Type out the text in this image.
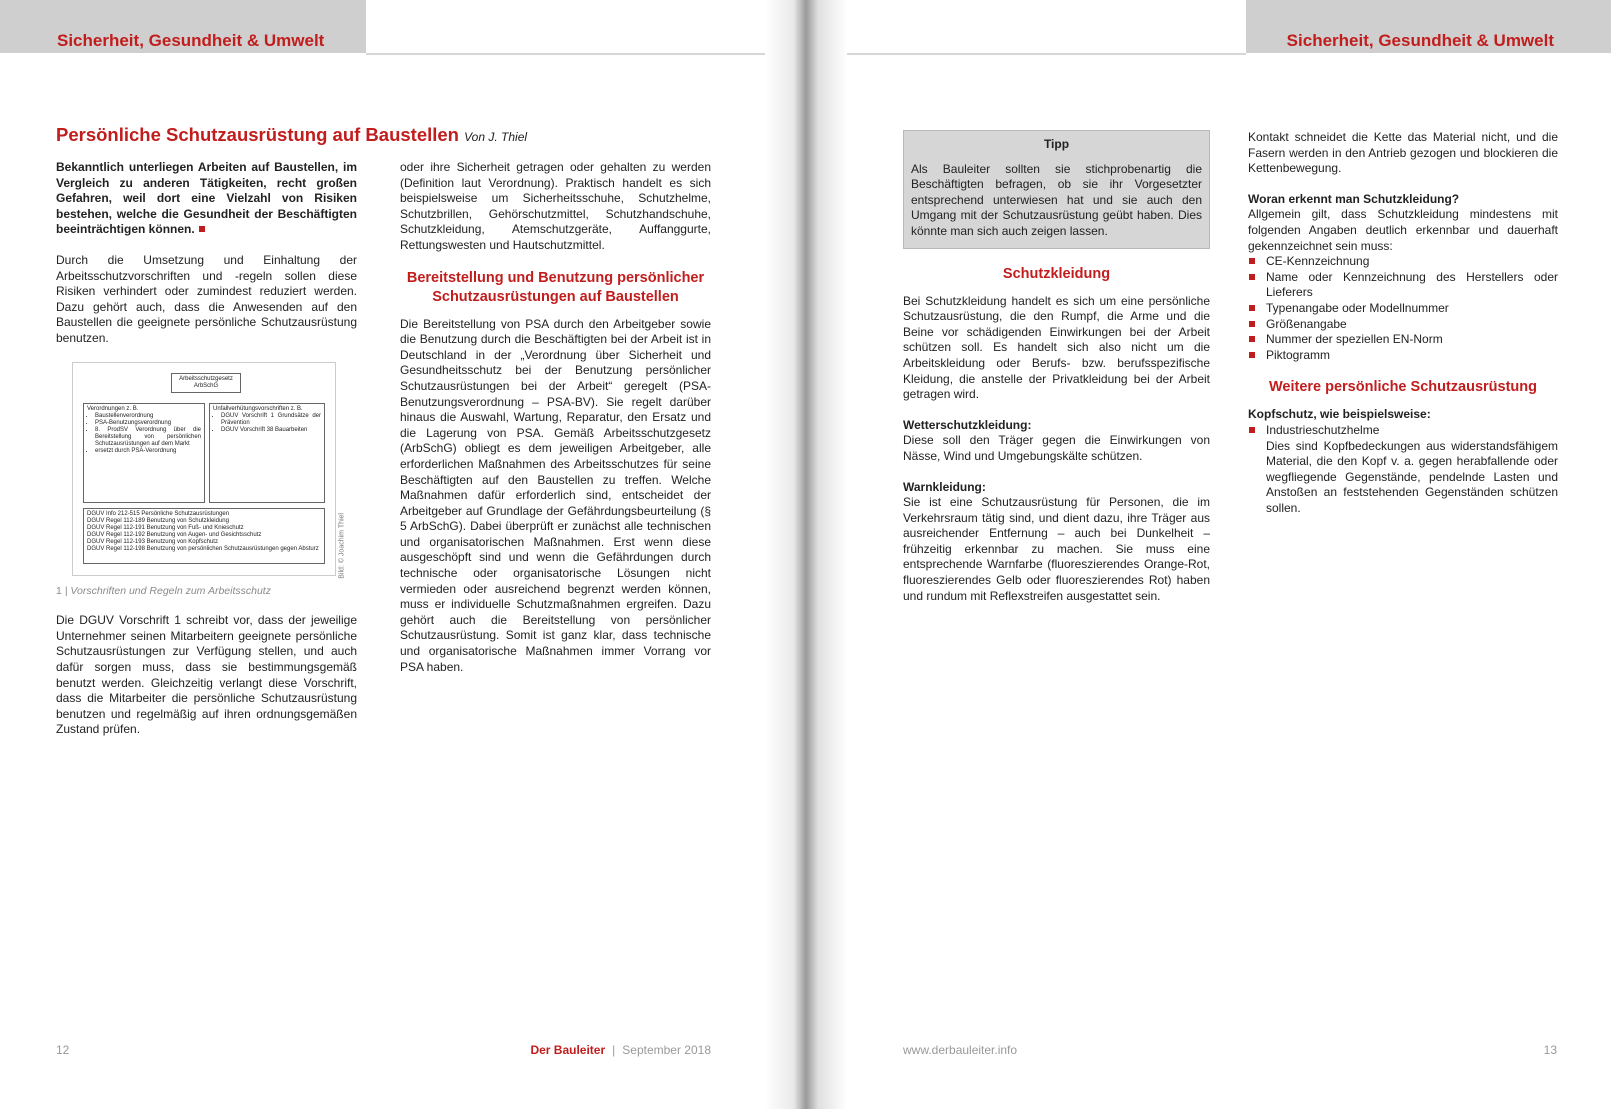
Sicherheit, Gesundheit & Umwelt
Persönliche Schutzausrüstung auf Baustellen Von J. Thiel

Bekanntlich unterliegen Arbeiten auf Baustellen, im Vergleich zu anderen Tätigkeiten, recht großen Gefahren, weil dort eine Vielzahl von Risiken bestehen, welche die Gesundheit der Beschäftigten beeinträchtigen können.

Durch die Umsetzung und Einhaltung der Arbeitsschutzvorschriften und -regeln sollen diese Risiken verhindert oder zumindest reduziert werden. Dazu gehört auch, dass die Anwesenden auf den Baustellen die geeignete persönliche Schutzausrüstung benutzen.

Arbeitsschutzgesetz ArbSchG
Verordnungen z. B.
• Baustellenverordnung
• PSA-Benutzungsverordnung
• 8. ProdSV Verordnung über die Bereitstellung von persönlichen Schutzausrüstungen auf dem Markt
• ersetzt durch PSA-Verordnung
Unfallverhütungsvorschriften z. B.
• DGUV Vorschrift 1 Grundsätze der Prävention
• DGUV Vorschrift 38 Bauarbeiten
DGUV Info 212-515 Persönliche Schutzausrüstungen
DGUV Regel 112-189 Benutzung von Schutzkleidung
DGUV Regel 112-191 Benutzung von Fuß- und Knieschutz
DGUV Regel 112-192 Benutzung von Augen- und Gesichtsschutz
DGUV Regel 112-193 Benutzung von Kopfschutz
DGUV Regel 112-198 Benutzung von persönlichen Schutzausrüstungen gegen Absturz	Bild: © Joachim Thiel
1 | Vorschriften und Regeln zum Arbeitsschutz

Die DGUV Vorschrift 1 schreibt vor, dass der jeweilige Unternehmer seinen Mitarbeitern geeignete persönliche Schutzausrüstungen zur Verfügung stellen, und auch dafür sorgen muss, dass sie bestimmungsgemäß benutzt werden. Gleichzeitig verlangt diese Vorschrift, dass die Mitarbeiter die persönliche Schutzausrüstung benutzen und regelmäßig auf ihren ordnungsgemäßen Zustand prüfen.

oder ihre Sicherheit getragen oder gehalten zu werden (Definition laut Verordnung). Praktisch handelt es sich beispielsweise um Sicherheitsschuhe, Schutzhelme, Schutzbrillen, Gehörschutzmittel, Schutzhandschuhe, Schutzkleidung, Atemschutzgeräte, Auffanggurte, Rettungswesten und Hautschutzmittel.

Bereitstellung und Benutzung persönlicher Schutzausrüstungen auf Baustellen

Die Bereitstellung von PSA durch den Arbeitgeber sowie die Benutzung durch die Beschäftigten bei der Arbeit ist in Deutschland in der „Verordnung über Sicherheit und Gesundheitsschutz bei der Benutzung persönlicher Schutzausrüstungen bei der Arbeit“ geregelt (PSA-Benutzungsverordnung – PSA-BV). Sie regelt darüber hinaus die Auswahl, Wartung, Reparatur, den Ersatz und die Lagerung von PSA. Gemäß Arbeitsschutzgesetz (ArbSchG) obliegt es dem jeweiligen Arbeitgeber, alle erforderlichen Maßnahmen des Arbeitsschutzes für seine Beschäftigten auf den Baustellen zu treffen. Welche Maßnahmen dafür erforderlich sind, entscheidet der Arbeitgeber auf Grundlage der Gefährdungsbeurteilung (§ 5 ArbSchG). Dabei überprüft er zunächst alle technischen und organisatorischen Maßnahmen. Erst wenn diese ausgeschöpft sind und wenn die Gefährdungen durch technische oder organisatorische Lösungen nicht vermieden oder ausreichend begrenzt werden können, muss er individuelle Schutzmaßnahmen ergreifen. Dazu gehört auch die Bereitstellung von persönlicher Schutzausrüstung. Somit ist ganz klar, dass technische und organisatorische Maßnahmen immer Vorrang vor PSA haben.

12	Der Bauleiter | September 2018
Sicherheit, Gesundheit & Umwelt
Tipp
Als Bauleiter sollten sie stichprobenartig die Beschäftigten befragen, ob sie ihr Vorgesetzter entsprechend unterwiesen hat und sie auch den Umgang mit der Schutzausrüstung geübt haben. Dies könnte man sich auch zeigen lassen.
Schutzkleidung

Bei Schutzkleidung handelt es sich um eine persönliche Schutzausrüstung, die den Rumpf, die Arme und die Beine vor schädigenden Einwirkungen bei der Arbeit schützen soll. Es handelt sich also nicht um die Arbeitskleidung oder Berufs- bzw. berufsspezifische Kleidung, die anstelle der Privatkleidung bei der Arbeit getragen wird.

Wetterschutzkleidung:
Diese soll den Träger gegen die Einwirkungen von Nässe, Wind und Umgebungskälte schützen.

Warnkleidung:
Sie ist eine Schutzausrüstung für Personen, die im Verkehrsraum tätig sind, und dient dazu, ihre Träger aus ausreichender Entfernung – auch bei Dunkelheit – frühzeitig erkennbar zu machen. Sie muss eine entsprechende Warnfarbe (fluoreszierendes Orange-Rot, fluoreszierendes Gelb oder fluoreszierendes Rot) haben und rundum mit Reflexstreifen ausgestattet sein.

Kontakt schneidet die Kette das Material nicht, und die Fasern werden in den Antrieb gezogen und blockieren die Kettenbewegung.

Woran erkennt man Schutzkleidung?
Allgemein gilt, dass Schutzkleidung mindestens mit folgenden Angaben deutlich erkennbar und dauerhaft gekennzeichnet sein muss:
CE-Kennzeichnung
Name oder Kennzeichnung des Herstellers oder Lieferers
Typenangabe oder Modellnummer
Größenangabe
Nummer der speziellen EN-Norm
Piktogramm
Weitere persönliche Schutzausrüstung
Kopfschutz, wie beispielsweise:
Industrieschutzhelme
Dies sind Kopfbedeckungen aus widerstandsfähigem Material, die den Kopf v. a. gegen herabfallende oder wegfliegende Gegenstände, pendelnde Lasten und Anstoßen an feststehenden Gegenständen schützen sollen.
www.derbauleiter.info	13
